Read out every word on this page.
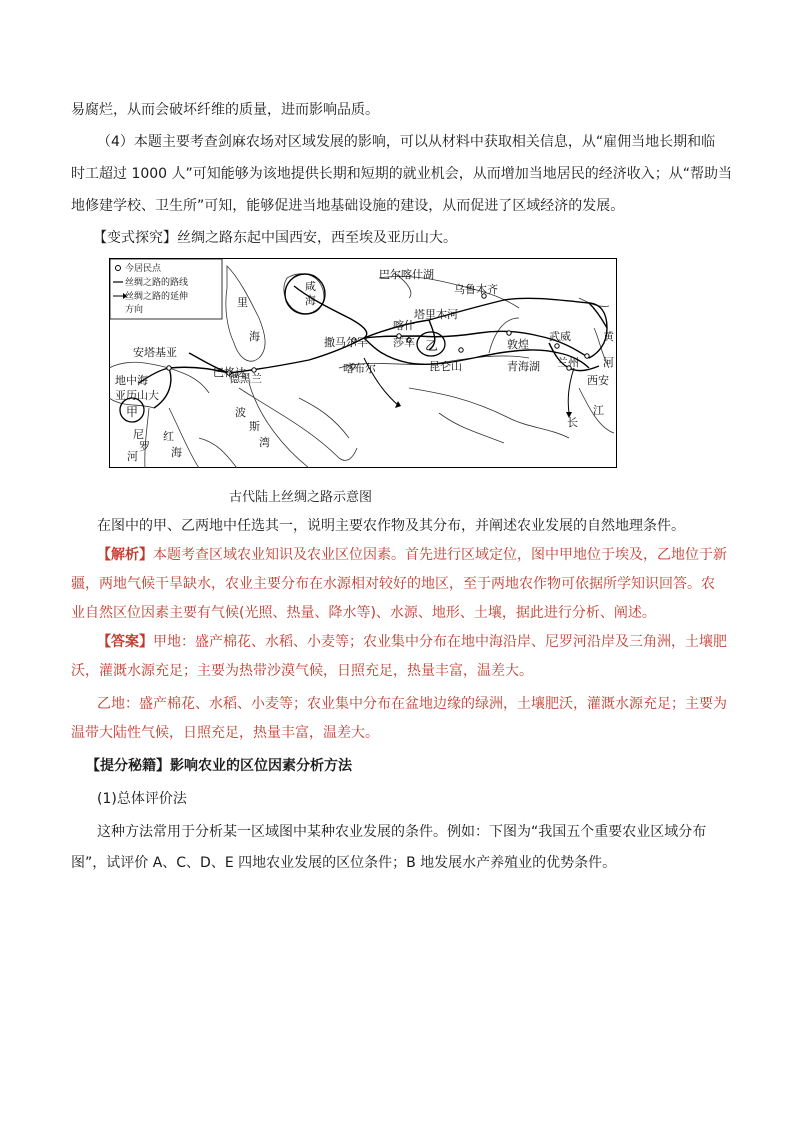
易腐烂，从而会破坏纤维的质量，进而影响品质。
（4）本题主要考查剑麻农场对区域发展的影响，可以从材料中获取相关信息，从“雇佣当地长期和临
时工超过 1000 人”可知能够为该地提供长期和短期的就业机会，从而增加当地居民的经济收入；从“帮助当
地修建学校、卫生所”可知，能够促进当地基础设施的建设，从而促进了区域经济的发展。
【变式探究】丝绸之路东起中国西安，西至埃及亚历山大。
今居民点
丝绸之路的路线
丝绸之路的延伸
方向
里
海
咸
海
巴尔喀什湖
乌鲁木齐
塔里木河
喀什
撒马尔罕 莎车 乙	敦煌
武威	黄
兰州 河
西安
青海湖
昆仑山
喀布尔
安塔基亚
巴格达
德黑兰
地中海
亚历山大
甲
尼
罗
河
红
海
波
斯
湾
江
长
古代陆上丝绸之路示意图
在图中的甲、乙两地中任选其一，说明主要农作物及其分布，并阐述农业发展的自然地理条件。
【解析】本题考查区域农业知识及农业区位因素。首先进行区域定位，图中甲地位于埃及，乙地位于新
疆，两地气候干旱缺水，农业主要分布在水源相对较好的地区，至于两地农作物可依据所学知识回答。农
业自然区位因素主要有气候(光照、热量、降水等)、水源、地形、土壤，据此进行分析、阐述。
【答案】甲地：盛产棉花、水稻、小麦等；农业集中分布在地中海沿岸、尼罗河沿岸及三角洲，土壤肥
沃，灌溉水源充足；主要为热带沙漠气候，日照充足，热量丰富，温差大。
乙地：盛产棉花、水稻、小麦等；农业集中分布在盆地边缘的绿洲，土壤肥沃，灌溉水源充足；主要为
温带大陆性气候，日照充足，热量丰富，温差大。
【提分秘籍】影响农业的区位因素分析方法
(1)总体评价法
这种方法常用于分析某一区域图中某种农业发展的条件。例如：下图为“我国五个重要农业区域分布
图”，试评价 A、C、D、E 四地农业发展的区位条件；B 地发展水产养殖业的优势条件。
